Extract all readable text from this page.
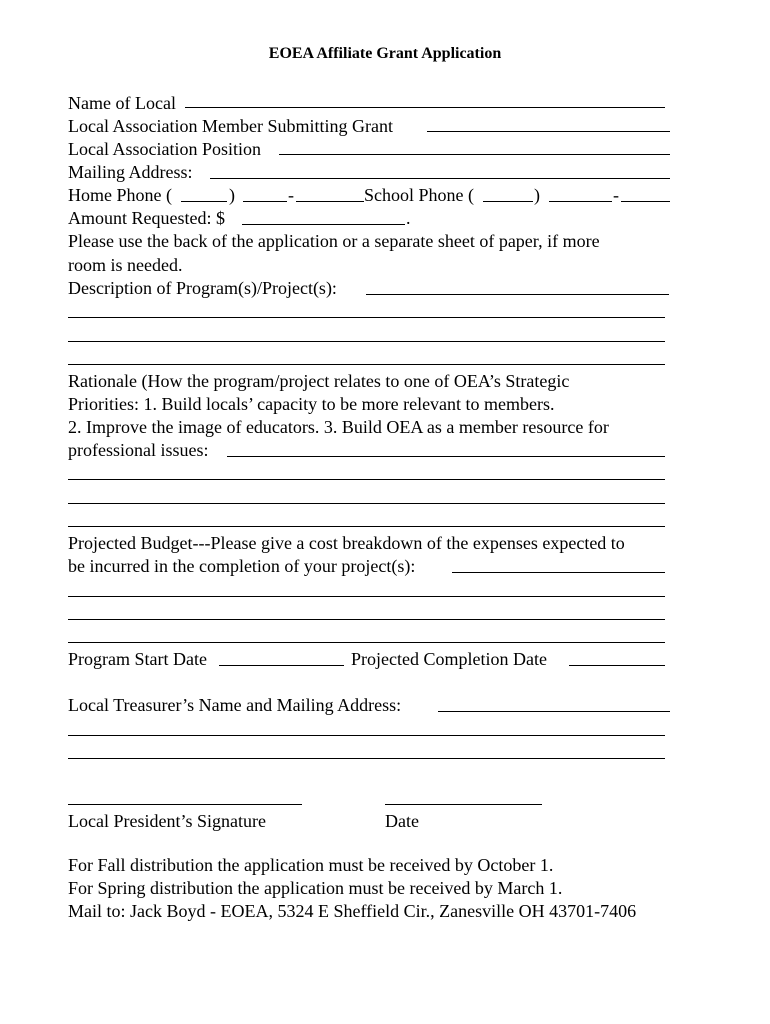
EOEA Affiliate Grant Application
Name of Local
Local Association Member Submitting Grant
Local Association Position
Mailing Address:
Home Phone (	)	-	School Phone (	)	-
Amount Requested: $	.
Please use the back of the application or a separate sheet of paper, if more
room is needed.
Description of Program(s)/Project(s):
Rationale (How the program/project relates to one of OEA’s Strategic
Priorities: 1. Build locals’ capacity to be more relevant to members.
2. Improve the image of educators. 3. Build OEA as a member resource for
professional issues:
Projected Budget---Please give a cost breakdown of the expenses expected to
be incurred in the completion of your project(s):
Program Start Date	Projected Completion Date
Local Treasurer’s Name and Mailing Address:
Local President’s Signature	Date
For Fall distribution the application must be received by October 1.
For Spring distribution the application must be received by March 1.
Mail to: Jack Boyd - EOEA, 5324 E Sheffield Cir., Zanesville OH 43701-7406
